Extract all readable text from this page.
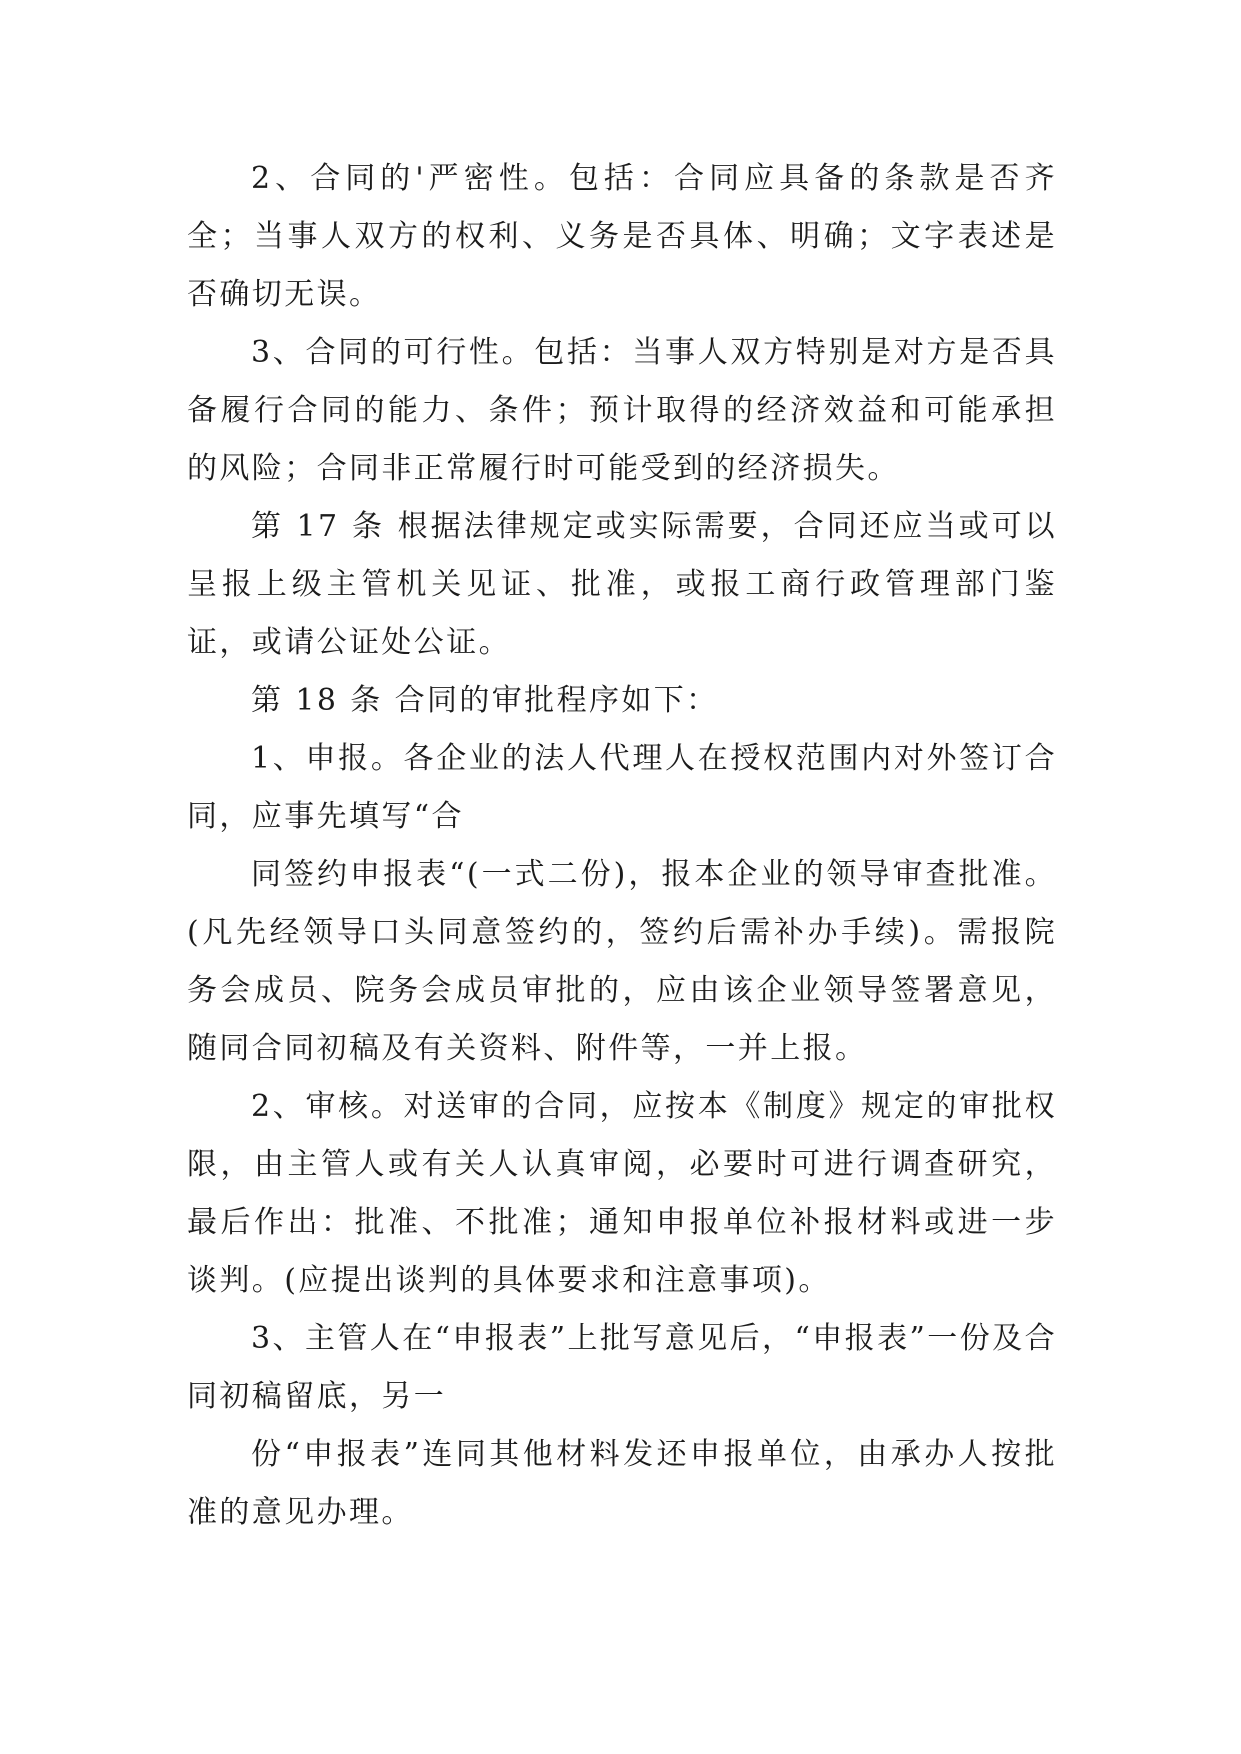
2、合同的'严密性。包括：合同应具备的条款是否齐全；当事人双方的权利、义务是否具体、明确；文字表述是否确切无误。

3、合同的可行性。包括：当事人双方特别是对方是否具备履行合同的能力、条件；预计取得的经济效益和可能承担的风险；合同非正常履行时可能受到的经济损失。

第 17 条 根据法律规定或实际需要，合同还应当或可以呈报上级主管机关见证、批准，或报工商行政管理部门鉴证，或请公证处公证。

第 18 条 合同的审批程序如下：

1、申报。各企业的法人代理人在授权范围内对外签订合同，应事先填写“合

同签约申报表“(一式二份)，报本企业的领导审查批准。(凡先经领导口头同意签约的，签约后需补办手续)。需报院务会成员、院务会成员审批的，应由该企业领导签署意见，随同合同初稿及有关资料、附件等，一并上报。

2、审核。对送审的合同，应按本《制度》规定的审批权限，由主管人或有关人认真审阅，必要时可进行调查研究，最后作出：批准、不批准；通知申报单位补报材料或进一步谈判。(应提出谈判的具体要求和注意事项)。

3、主管人在“申报表”上批写意见后，“申报表”一份及合同初稿留底，另一

份“申报表”连同其他材料发还申报单位，由承办人按批准的意见办理。
